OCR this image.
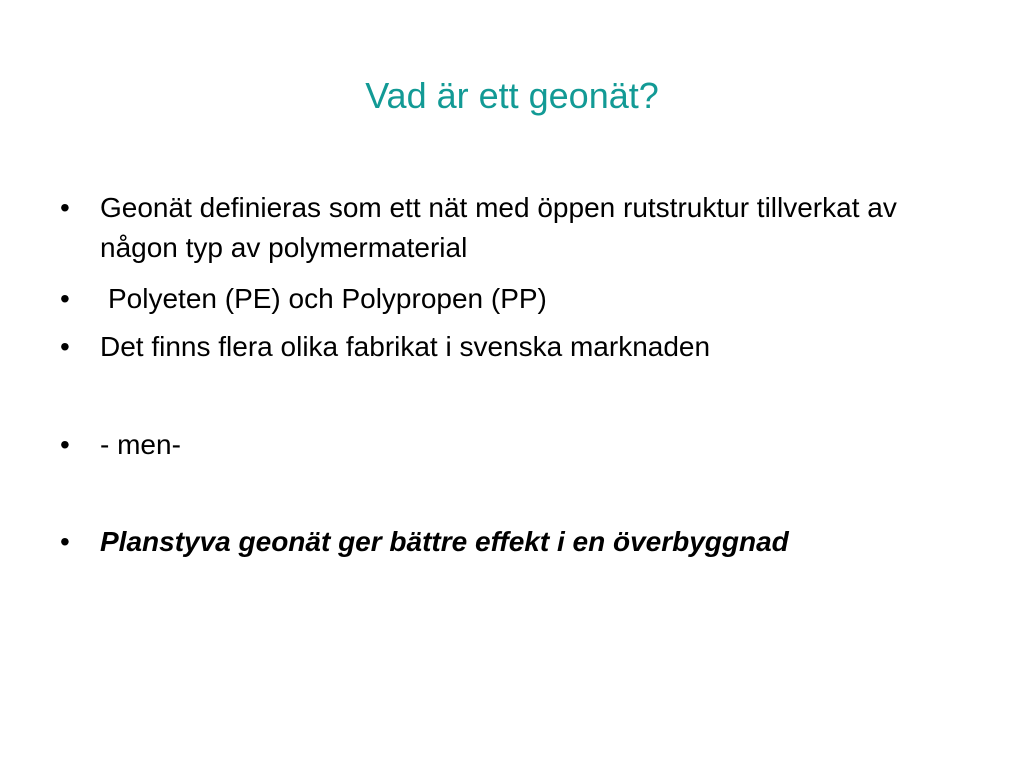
Vad är ett geonät?
•	Geonät definieras som ett nät med öppen rutstruktur tillverkat av någon typ av polymermaterial
•	Polyeten (PE) och Polypropen (PP)
•	Det finns flera olika fabrikat i svenska marknaden
•	- men-
•	Planstyva geonät ger bättre effekt i en överbyggnad
